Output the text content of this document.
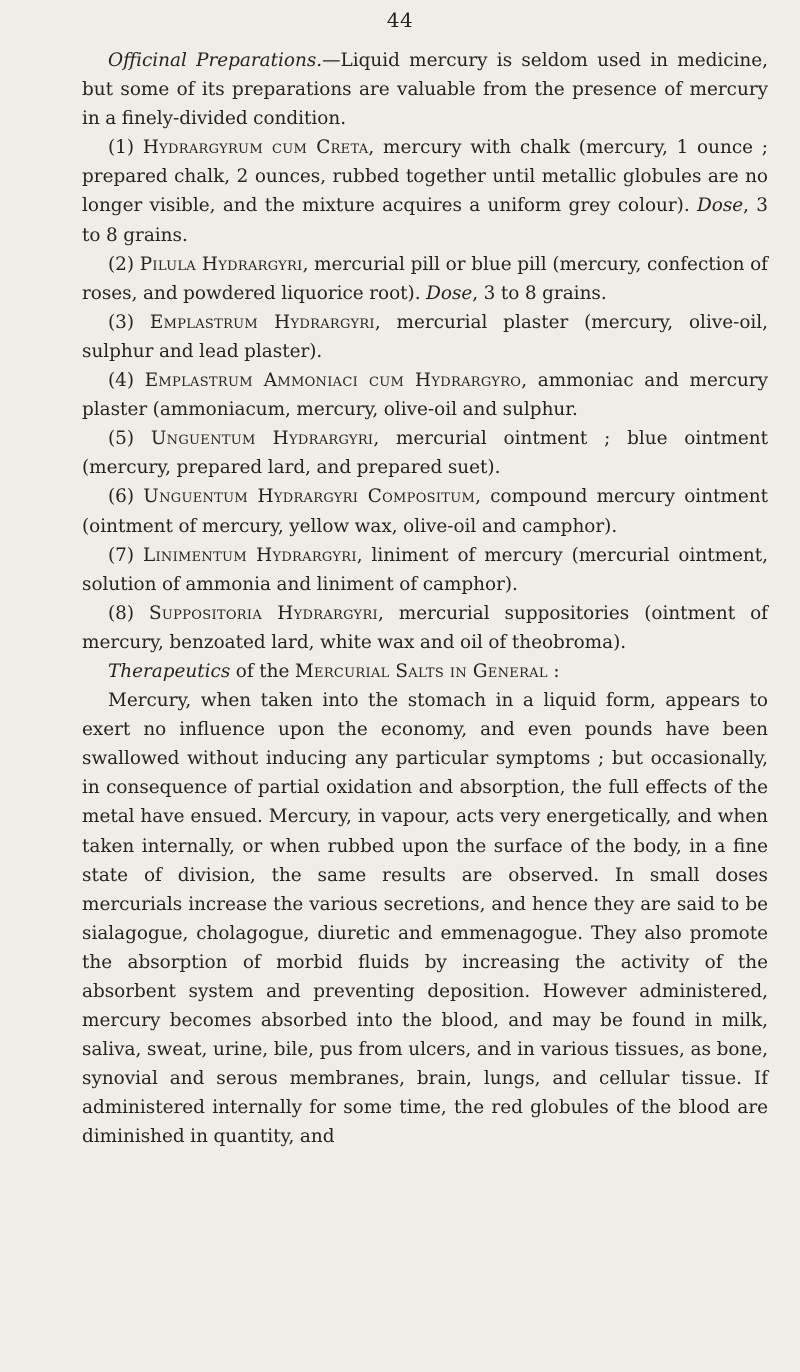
44

Officinal Preparations.—Liquid mercury is seldom used in medicine, but some of its preparations are valuable from the presence of mercury in a finely-divided condition.

(1) Hydrargyrum cum Creta, mercury with chalk (mercury, 1 ounce ; prepared chalk, 2 ounces, rubbed together until metallic globules are no longer visible, and the mixture acquires a uniform grey colour). Dose, 3 to 8 grains.

(2) Pilula Hydrargyri, mercurial pill or blue pill (mercury, confection of roses, and powdered liquorice root). Dose, 3 to 8 grains.

(3) Emplastrum Hydrargyri, mercurial plaster (mercury, olive-oil, sulphur and lead plaster).

(4) Emplastrum Ammoniaci cum Hydrargyro, ammoniac and mercury plaster (ammoniacum, mercury, olive-oil and sulphur.

(5) Unguentum Hydrargyri, mercurial ointment ; blue ointment (mercury, prepared lard, and prepared suet).

(6) Unguentum Hydrargyri Compositum, compound mercury ointment (ointment of mercury, yellow wax, olive-oil and camphor).

(7) Linimentum Hydrargyri, liniment of mercury (mercurial ointment, solution of ammonia and liniment of camphor).

(8) Suppositoria Hydrargyri, mercurial suppositories (ointment of mercury, benzoated lard, white wax and oil of theobroma).

Therapeutics of the Mercurial Salts in General :

Mercury, when taken into the stomach in a liquid form, appears to exert no influence upon the economy, and even pounds have been swallowed without inducing any particular symptoms ; but occasionally, in consequence of partial oxidation and absorption, the full effects of the metal have ensued. Mercury, in vapour, acts very energetically, and when taken internally, or when rubbed upon the surface of the body, in a fine state of division, the same results are observed. In small doses mercurials increase the various secretions, and hence they are said to be sialagogue, cholagogue, diuretic and emmenagogue. They also promote the absorption of morbid fluids by increasing the activity of the absorbent system and preventing deposition. However administered, mercury becomes absorbed into the blood, and may be found in milk, saliva, sweat, urine, bile, pus from ulcers, and in various tissues, as bone, synovial and serous membranes, brain, lungs, and cellular tissue. If administered internally for some time, the red globules of the blood are diminished in quantity, and
